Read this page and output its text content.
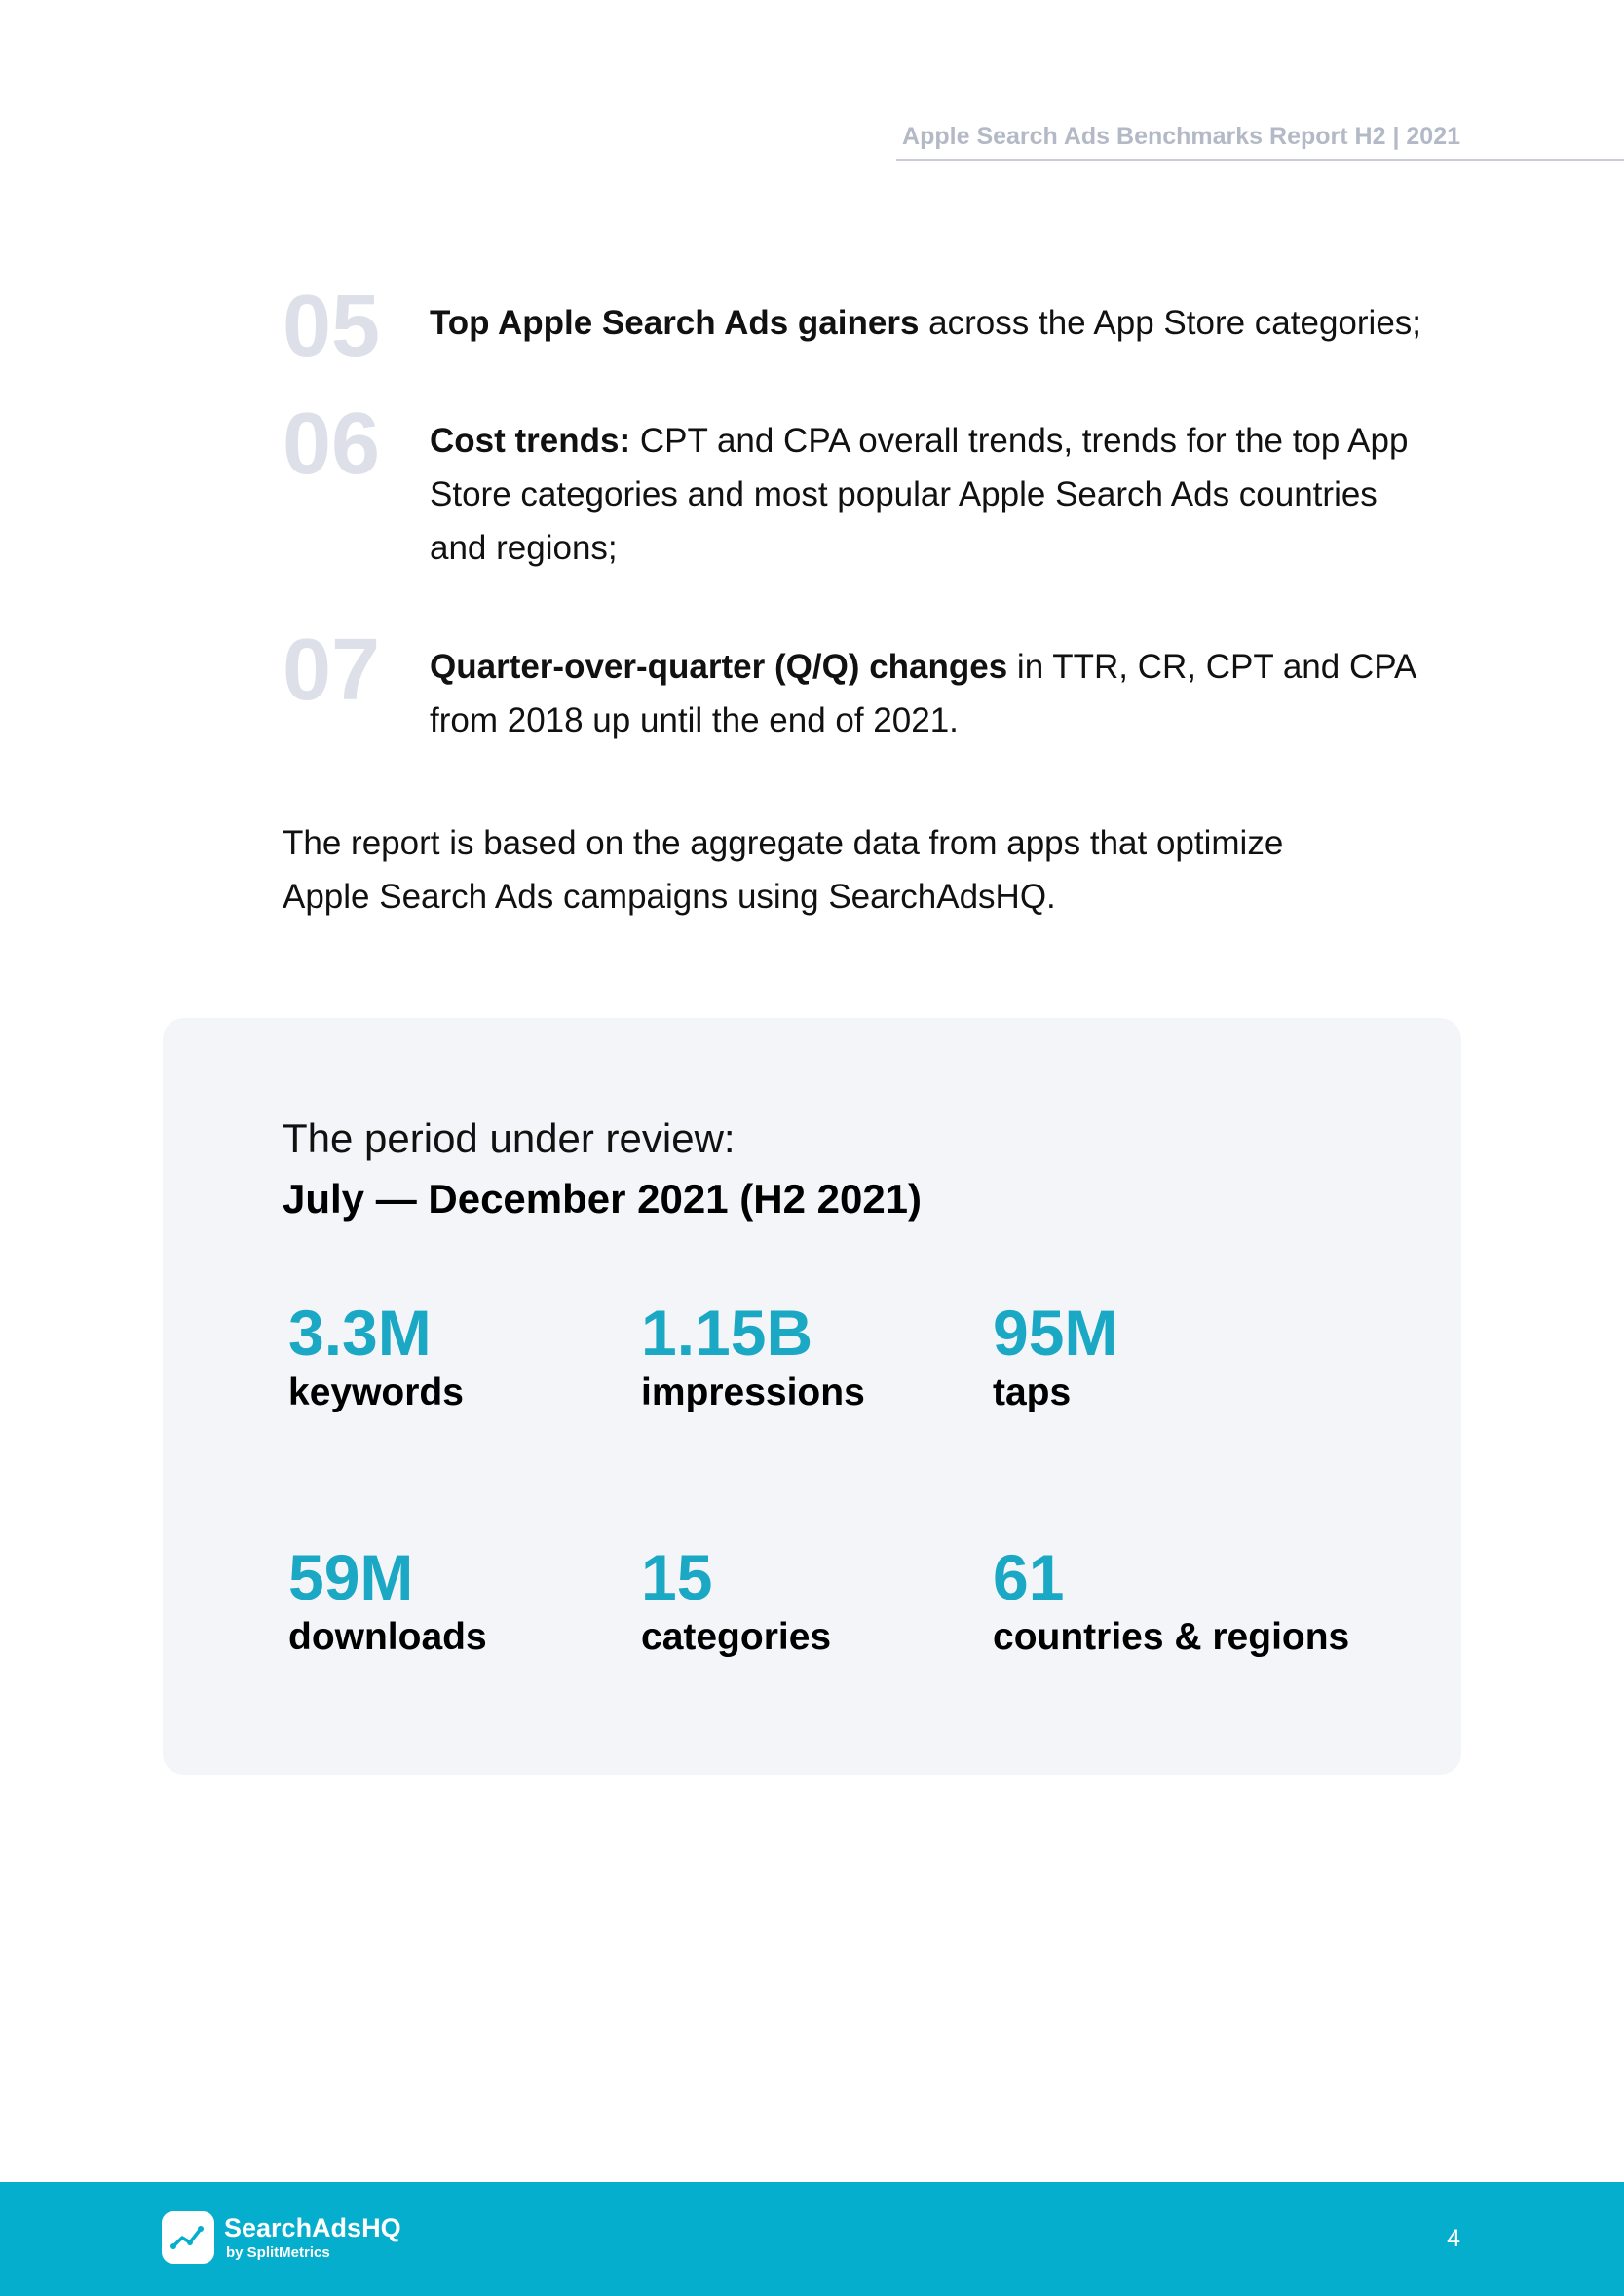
Apple Search Ads Benchmarks Report H2 | 2021
05 Top Apple Search Ads gainers across the App Store categories;
06 Cost trends: CPT and CPA overall trends, trends for the top App Store categories and most popular Apple Search Ads countries and regions;
07 Quarter-over-quarter (Q/Q) changes in TTR, CR, CPT and CPA from 2018 up until the end of 2021.
The report is based on the aggregate data from apps that optimize Apple Search Ads campaigns using SearchAdsHQ.
The period under review:
July — December 2021 (H2 2021)
3.3M
keywords
1.15B
impressions
95M
taps
59M
downloads
15
categories
61
countries & regions
SearchAdsHQ
by SplitMetrics
4
